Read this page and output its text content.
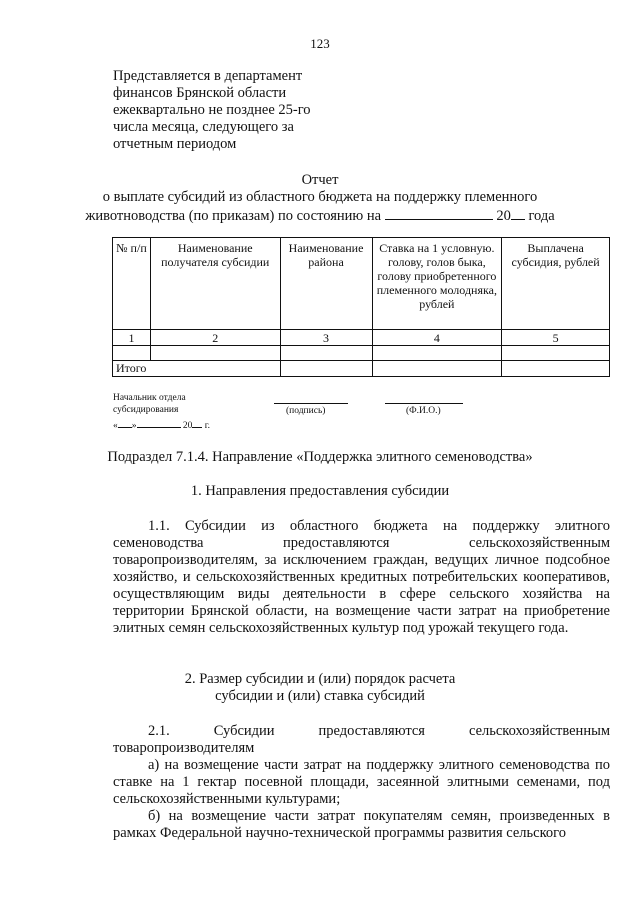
123
Представляется в департамент
финансов Брянской области
ежеквартально не позднее 25-го
числа месяца, следующего за
отчетным периодом
Отчет
о выплате субсидий из областного бюджета на поддержку племенного
животноводства (по приказам) по состоянию на	20 года
№ п/п	Наименование получателя субсидии	Наименование района	Ставка на 1 условную. голову, голов быка, голову приобретенного племенного молодняка, рублей	Выплачена субсидия, рублей
1	2	3	4	5

Итого				
Начальник отдела
субсидирования
« »	20 г.
(подпись)	(Ф.И.О.)
Подраздел 7.1.4. Направление «Поддержка элитного семеноводства»
1. Направления предоставления субсидии
1.1. Субсидии из областного бюджета на поддержку элитного
семеноводства	предоставляются	сельскохозяйственным
товаропроизводителям, за исключением граждан, ведущих личное подсобное хозяйство, и сельскохозяйственных кредитных потребительских кооперативов, осуществляющим виды деятельности в сфере сельского хозяйства на территории Брянской области, на возмещение части затрат на приобретение элитных семян сельскохозяйственных культур под урожай текущего года.
2. Размер субсидии и (или) порядок расчета
субсидии и (или) ставка субсидий
2.1.	Субсидии	предоставляются	сельскохозяйственным
товаропроизводителям
а) на возмещение части затрат на поддержку элитного семеноводства по ставке на 1 гектар посевной площади, засеянной элитными семенами, под сельскохозяйственными культурами;
б) на возмещение части затрат покупателям семян, произведенных в рамках Федеральной научно-технической программы развития сельского
